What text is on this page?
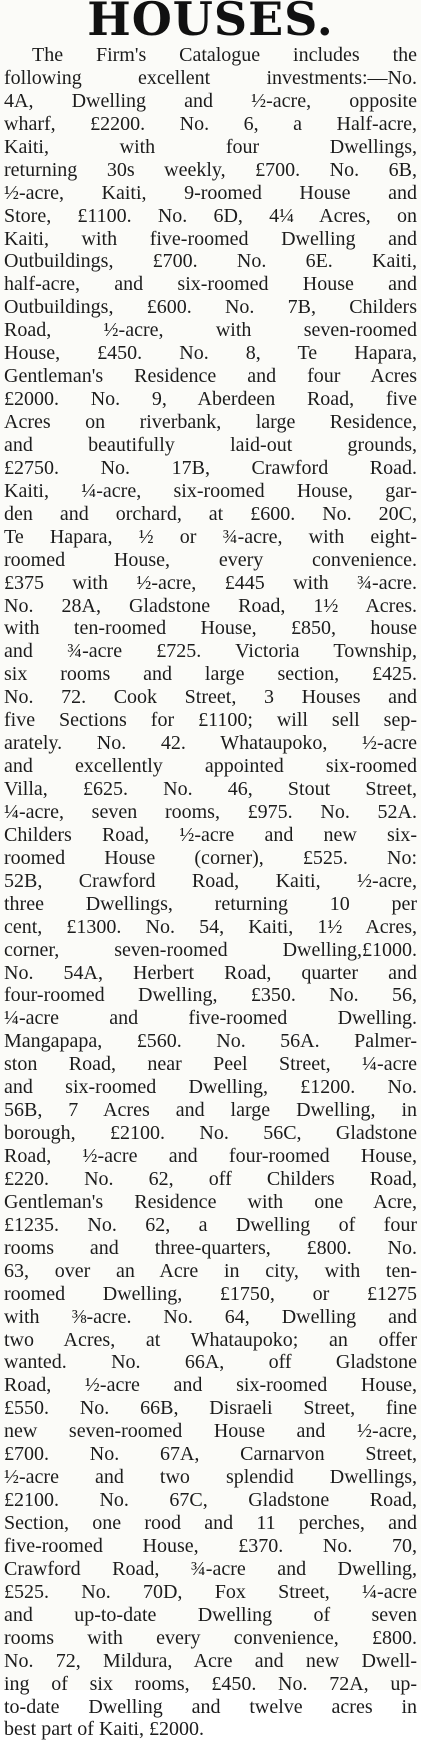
HOUSES.
The Firm's Catalogue includes the
following excellent investments:—No.
4A, Dwelling and ½-acre, opposite
wharf, £2200. No. 6, a Half-acre,
Kaiti, with four Dwellings,
returning 30s weekly, £700. No. 6B,
½-acre, Kaiti, 9-roomed House and
Store, £1100. No. 6D, 4¼ Acres, on
Kaiti, with five-roomed Dwelling and
Outbuildings, £700. No. 6E. Kaiti,
half-acre, and six-roomed House and
Outbuildings, £600. No. 7B, Childers
Road, ½-acre, with seven-roomed
House, £450. No. 8, Te Hapara,
Gentleman's Residence and four Acres
£2000. No. 9, Aberdeen Road, five
Acres on riverbank, large Residence,
and beautifully laid-out grounds,
£2750. No. 17B, Crawford Road.
Kaiti, ¼-acre, six-roomed House, gar-
den and orchard, at £600. No. 20C,
Te Hapara, ½ or ¾-acre, with eight-
roomed House, every convenience.
£375 with ½-acre, £445 with ¾-acre.
No. 28A, Gladstone Road, 1½ Acres.
with ten-roomed House, £850, house
and ¾-acre £725. Victoria Township,
six rooms and large section, £425.
No. 72. Cook Street, 3 Houses and
five Sections for £1100; will sell sep-
arately. No. 42. Whataupoko, ½-acre
and excellently appointed six-roomed
Villa, £625. No. 46, Stout Street,
¼-acre, seven rooms, £975. No. 52A.
Childers Road, ½-acre and new six-
roomed House (corner), £525. No:
52B, Crawford Road, Kaiti, ½-acre,
three Dwellings, returning 10 per
cent, £1300. No. 54, Kaiti, 1½ Acres,
corner, seven-roomed Dwelling,£1000.
No. 54A, Herbert Road, quarter and
four-roomed Dwelling, £350. No. 56,
¼-acre and five-roomed Dwelling.
Mangapapa, £560. No. 56A. Palmer-
ston Road, near Peel Street, ¼-acre
and six-roomed Dwelling, £1200. No.
56B, 7 Acres and large Dwelling, in
borough, £2100. No. 56C, Gladstone
Road, ½-acre and four-roomed House,
£220. No. 62, off Childers Road,
Gentleman's Residence with one Acre,
£1235. No. 62, a Dwelling of four
rooms and three-quarters, £800. No.
63, over an Acre in city, with ten-
roomed Dwelling, £1750, or £1275
with ⅜-acre. No. 64, Dwelling and
two Acres, at Whataupoko; an offer
wanted. No. 66A, off Gladstone
Road, ½-acre and six-roomed House,
£550. No. 66B, Disraeli Street, fine
new seven-roomed House and ½-acre,
£700. No. 67A, Carnarvon Street,
½-acre and two splendid Dwellings,
£2100. No. 67C, Gladstone Road,
Section, one rood and 11 perches, and
five-roomed House, £370. No. 70,
Crawford Road, ¾-acre and Dwelling,
£525. No. 70D, Fox Street, ¼-acre
and up-to-date Dwelling of seven
rooms with every convenience, £800.
No. 72, Mildura, Acre and new Dwell-
ing of six rooms, £450. No. 72A, up-
to-date Dwelling and twelve acres in
best part of Kaiti, £2000.
